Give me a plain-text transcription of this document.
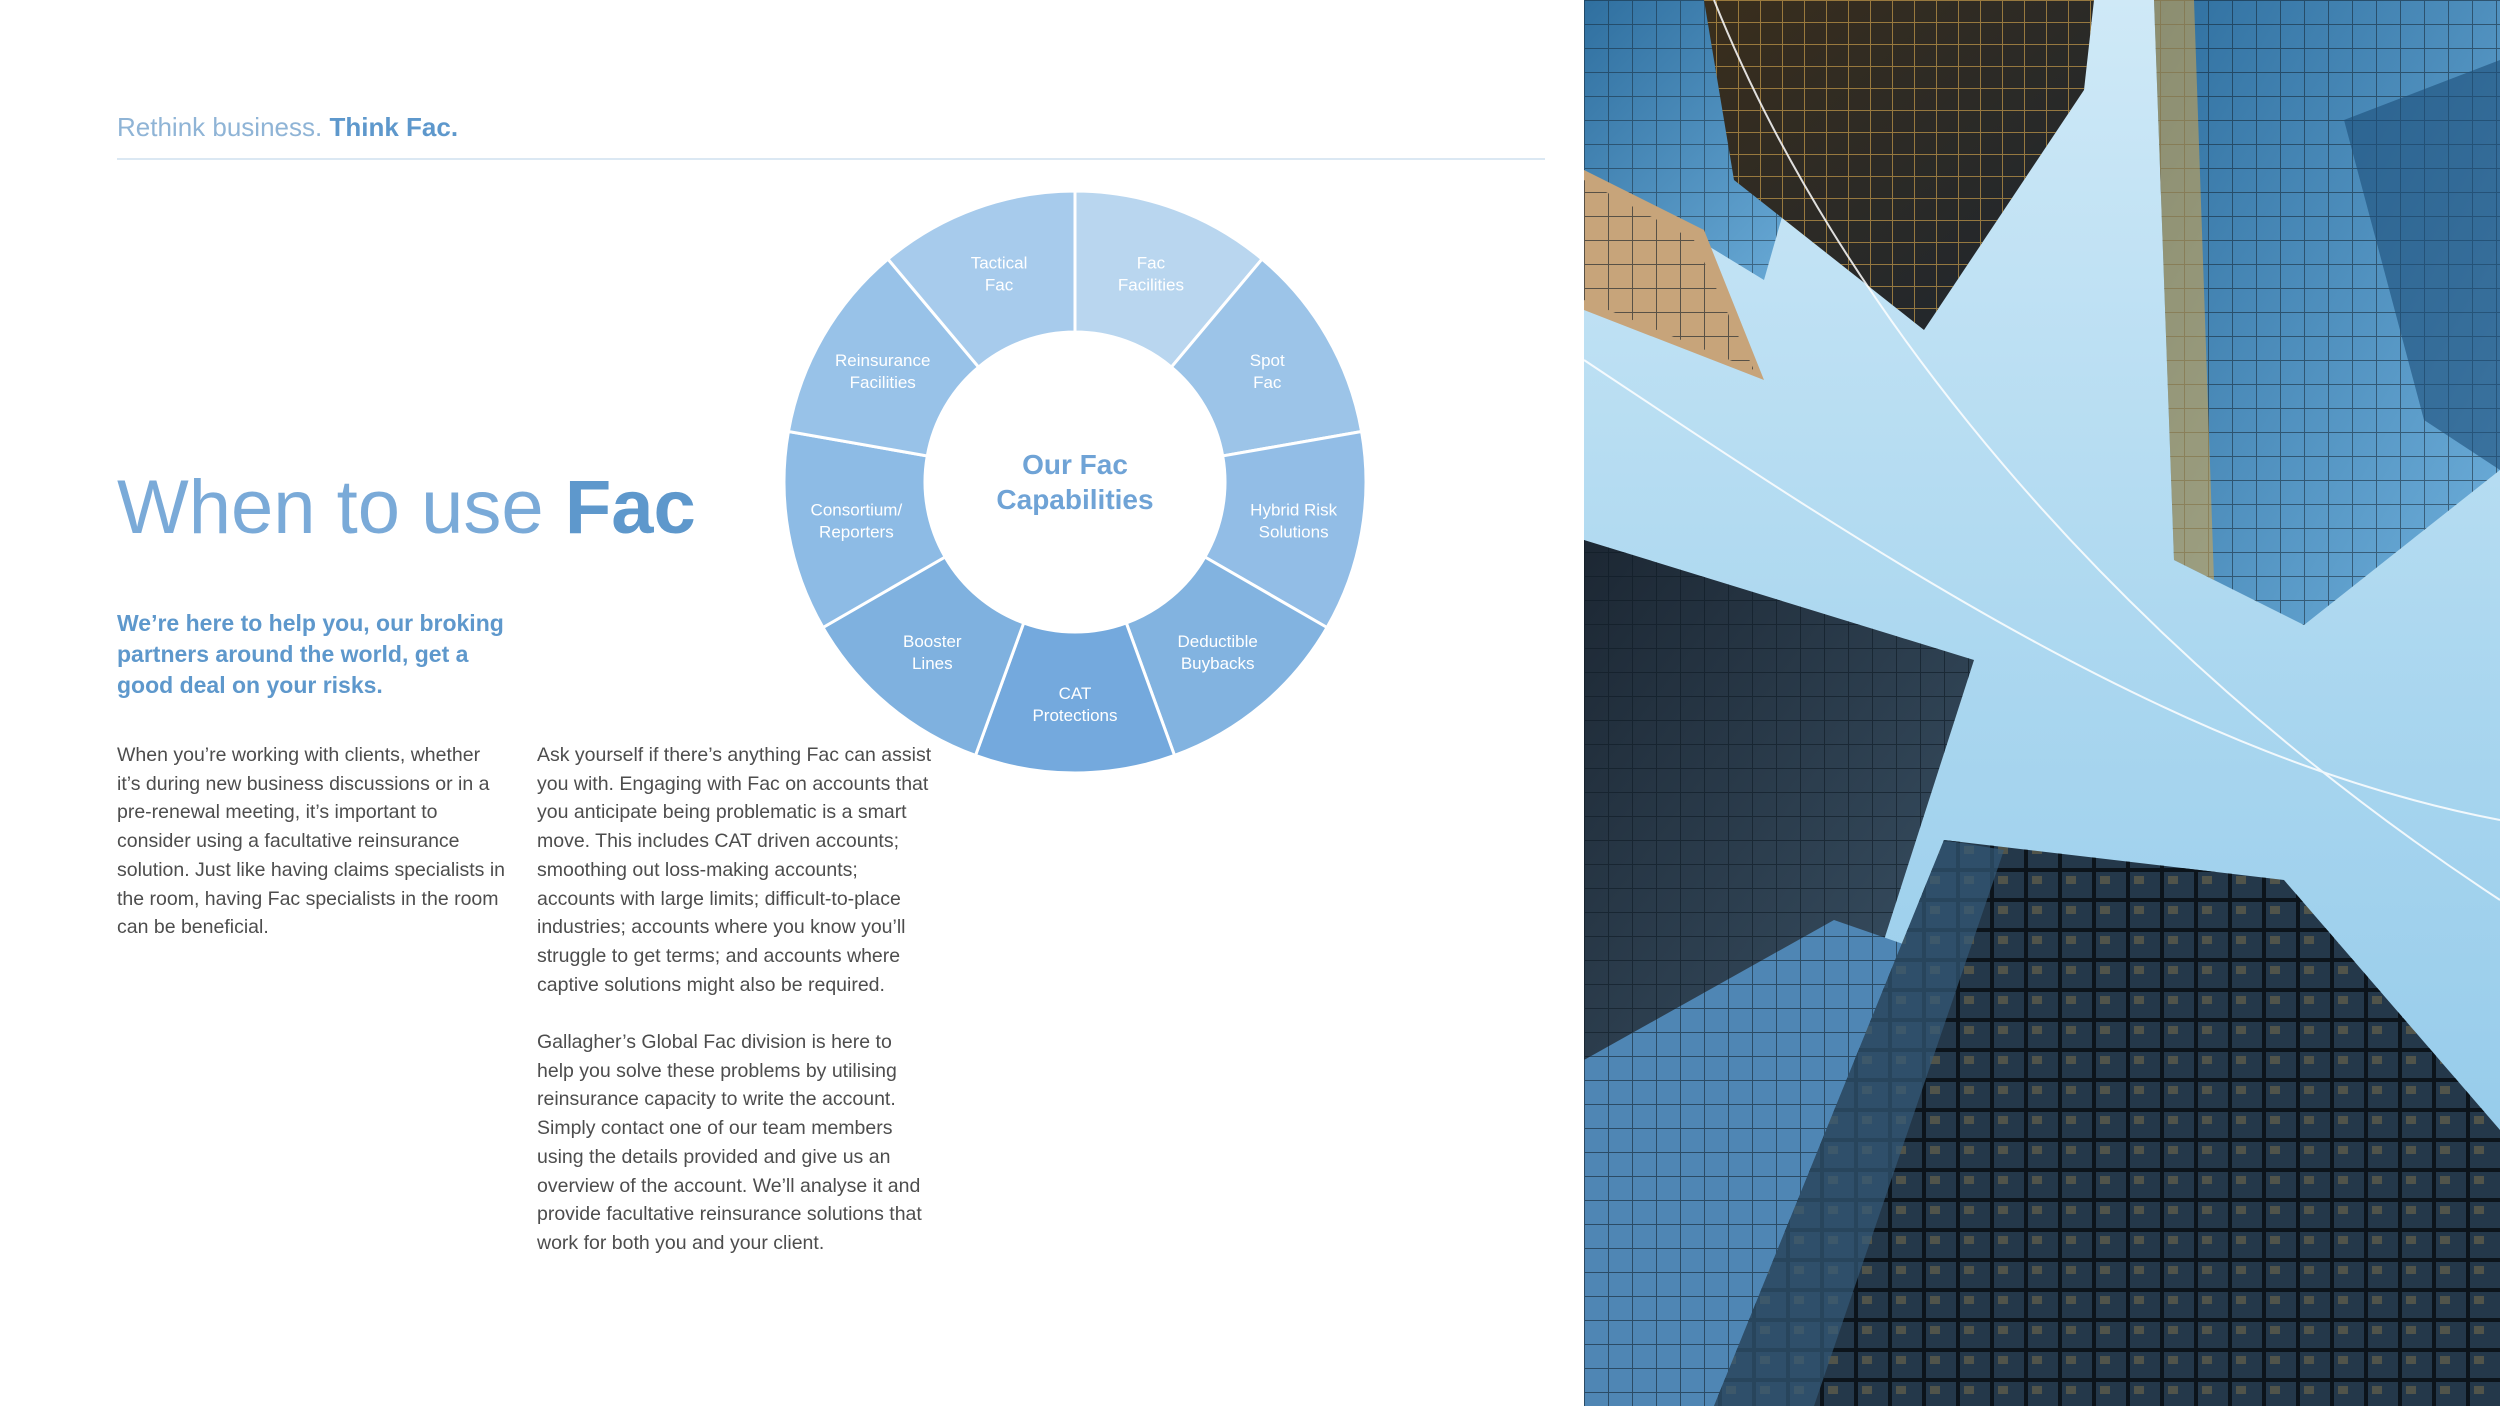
Rethink business. Think Fac.
When to use Fac
We’re here to help you, our broking partners around the world, get a good deal on your risks.
When you’re working with clients, whether it’s during new business discussions or in a pre-renewal meeting, it’s important to consider using a facultative reinsurance solution. Just like having claims specialists in the room, having Fac specialists in the room can be beneficial.

Ask yourself if there’s anything Fac can assist you with. Engaging with Fac on accounts that you anticipate being problematic is a smart move. This includes CAT driven accounts; smoothing out loss-making accounts; accounts with large limits; difficult-to-place industries; accounts where you know you’ll struggle to get terms; and accounts where captive solutions might also be required.

Gallagher’s Global Fac division is here to help you solve these problems by utilising reinsurance capacity to write the account. Simply contact one of our team members using the details provided and give us an overview of the account. We’ll analyse it and provide facultative reinsurance solutions that work for both you and your client.

Fac Facilities
Spot Fac
Hybrid Risk Solutions
Deductible Buybacks
CAT Protections
Booster Lines
Consortium/ Reporters
Reinsurance Facilities
Tactical Fac
Our Fac
Capabilities
